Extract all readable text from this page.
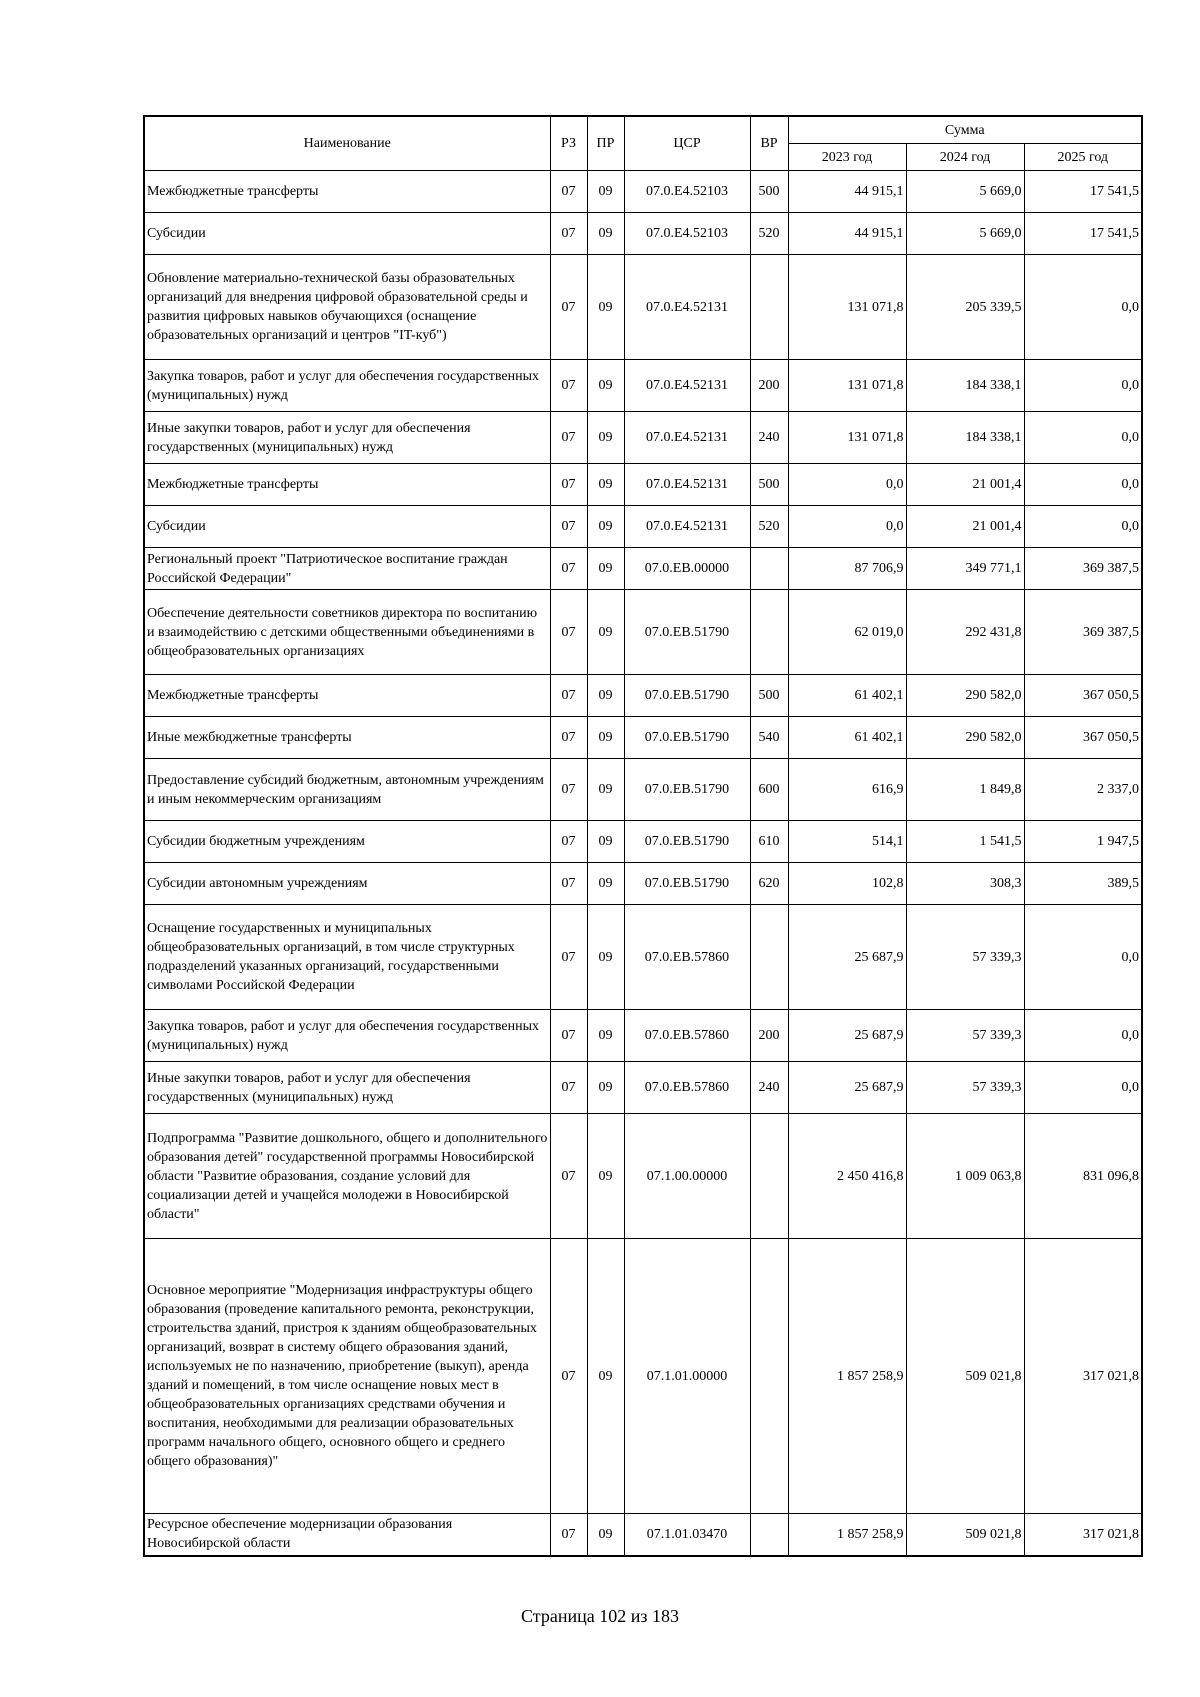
Наименование	РЗ	ПР	ЦСР	ВР	Сумма		
					2023 год	2024 год	2025 год
Межбюджетные трансферты	07	09	07.0.E4.52103	500	44 915,1	5 669,0	17 541,5
Субсидии	07	09	07.0.E4.52103	520	44 915,1	5 669,0	17 541,5
Обновление материально-технической базы образовательных организаций для внедрения цифровой образовательной среды и развития цифровых навыков обучающихся (оснащение образовательных организаций и центров "IT-куб")	07	09	07.0.E4.52131		131 071,8	205 339,5	0,0
Закупка товаров, работ и услуг для обеспечения государственных (муниципальных) нужд	07	09	07.0.E4.52131	200	131 071,8	184 338,1	0,0
Иные закупки товаров, работ и услуг для обеспечения государственных (муниципальных) нужд	07	09	07.0.E4.52131	240	131 071,8	184 338,1	0,0
Межбюджетные трансферты	07	09	07.0.E4.52131	500	0,0	21 001,4	0,0
Субсидии	07	09	07.0.E4.52131	520	0,0	21 001,4	0,0
Региональный проект "Патриотическое воспитание граждан Российской Федерации"	07	09	07.0.EB.00000		87 706,9	349 771,1	369 387,5
Обеспечение деятельности советников директора по воспитанию и взаимодействию с детскими общественными объединениями в общеобразовательных организациях	07	09	07.0.EB.51790		62 019,0	292 431,8	369 387,5
Межбюджетные трансферты	07	09	07.0.EB.51790	500	61 402,1	290 582,0	367 050,5
Иные межбюджетные трансферты	07	09	07.0.EB.51790	540	61 402,1	290 582,0	367 050,5
Предоставление субсидий бюджетным, автономным учреждениям и иным некоммерческим организациям	07	09	07.0.EB.51790	600	616,9	1 849,8	2 337,0
Субсидии бюджетным учреждениям	07	09	07.0.EB.51790	610	514,1	1 541,5	1 947,5
Субсидии автономным учреждениям	07	09	07.0.EB.51790	620	102,8	308,3	389,5
Оснащение государственных и муниципальных общеобразовательных организаций, в том числе структурных подразделений указанных организаций, государственными символами Российской Федерации	07	09	07.0.EB.57860		25 687,9	57 339,3	0,0
Закупка товаров, работ и услуг для обеспечения государственных (муниципальных) нужд	07	09	07.0.EB.57860	200	25 687,9	57 339,3	0,0
Иные закупки товаров, работ и услуг для обеспечения государственных (муниципальных) нужд	07	09	07.0.EB.57860	240	25 687,9	57 339,3	0,0
Подпрограмма "Развитие дошкольного, общего и дополнительного образования детей" государственной программы Новосибирской области "Развитие образования, создание условий для социализации детей и учащейся молодежи в Новосибирской области"	07	09	07.1.00.00000		2 450 416,8	1 009 063,8	831 096,8
Основное мероприятие "Модернизация инфраструктуры общего образования (проведение капитального ремонта, реконструкции, строительства зданий, пристроя к зданиям общеобразовательных организаций, возврат в систему общего образования зданий, используемых не по назначению, приобретение (выкуп), аренда зданий и помещений, в том числе оснащение новых мест в общеобразовательных организациях средствами обучения и воспитания, необходимыми для реализации образовательных программ начального общего, основного общего и среднего общего образования)"	07	09	07.1.01.00000		1 857 258,9	509 021,8	317 021,8
Ресурсное обеспечение модернизации образования Новосибирской области	07	09	07.1.01.03470		1 857 258,9	509 021,8	317 021,8
Страница 102 из 183
